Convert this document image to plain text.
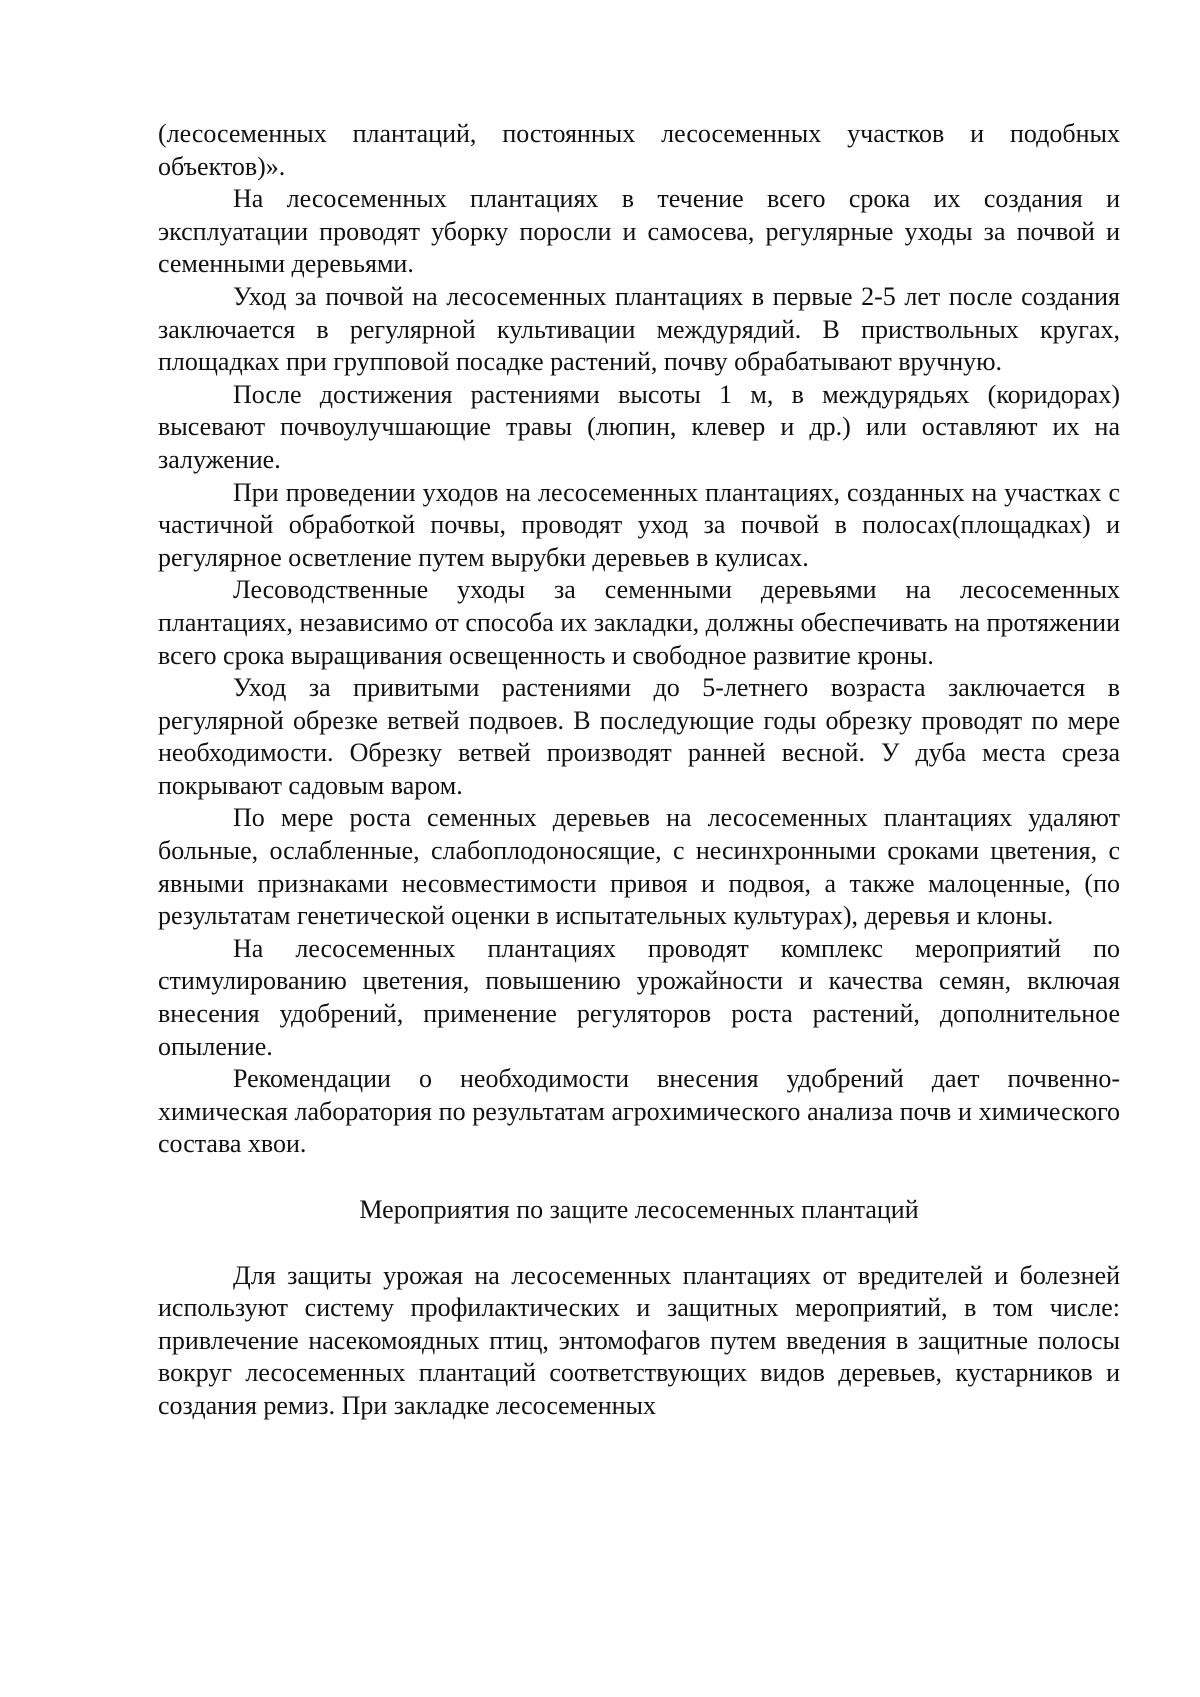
(лесосеменных плантаций, постоянных лесосеменных участков и подобных объектов)».

На лесосеменных плантациях в течение всего срока их создания и эксплуатации проводят уборку поросли и самосева, регулярные уходы за почвой и семенными деревьями.

Уход за почвой на лесосеменных плантациях в первые 2-5 лет после создания заключается в регулярной культивации междурядий. В приствольных кругах, площадках при групповой посадке растений, почву обрабатывают вручную.

После достижения растениями высоты 1 м, в междурядьях (коридорах) высевают почвоулучшающие травы (люпин, клевер и др.) или оставляют их на залужение.

При проведении уходов на лесосеменных плантациях, созданных на участках с частичной обработкой почвы, проводят уход за почвой в полосах(площадках) и регулярное осветление путем вырубки деревьев в кулисах.

Лесоводственные уходы за семенными деревьями на лесосеменных плантациях, независимо от способа их закладки, должны обеспечивать на протяжении всего срока выращивания освещенность и свободное развитие кроны.

Уход за привитыми растениями до 5-летнего возраста заключается в регулярной обрезке ветвей подвоев. В последующие годы обрезку проводят по мере необходимости. Обрезку ветвей производят ранней весной. У дуба места среза покрывают садовым варом.

По мере роста семенных деревьев на лесосеменных плантациях удаляют больные, ослабленные, слабоплодоносящие, с несинхронными сроками цветения, с явными признаками несовместимости привоя и подвоя, а также малоценные, (по результатам генетической оценки в испытательных культурах), деревья и клоны.

На лесосеменных плантациях проводят комплекс мероприятий по стимулированию цветения, повышению урожайности и качества семян, включая внесения удобрений, применение регуляторов роста растений, дополнительное опыление.

Рекомендации о необходимости внесения удобрений дает почвенно-химическая лаборатория по результатам агрохимического анализа почв и химического состава хвои.

Мероприятия по защите лесосеменных плантаций

Для защиты урожая на лесосеменных плантациях от вредителей и болезней используют систему профилактических и защитных мероприятий, в том числе: привлечение насекомоядных птиц, энтомофагов путем введения в защитные полосы вокруг лесосеменных плантаций соответствующих видов деревьев, кустарников и создания ремиз. При закладке лесосеменных
